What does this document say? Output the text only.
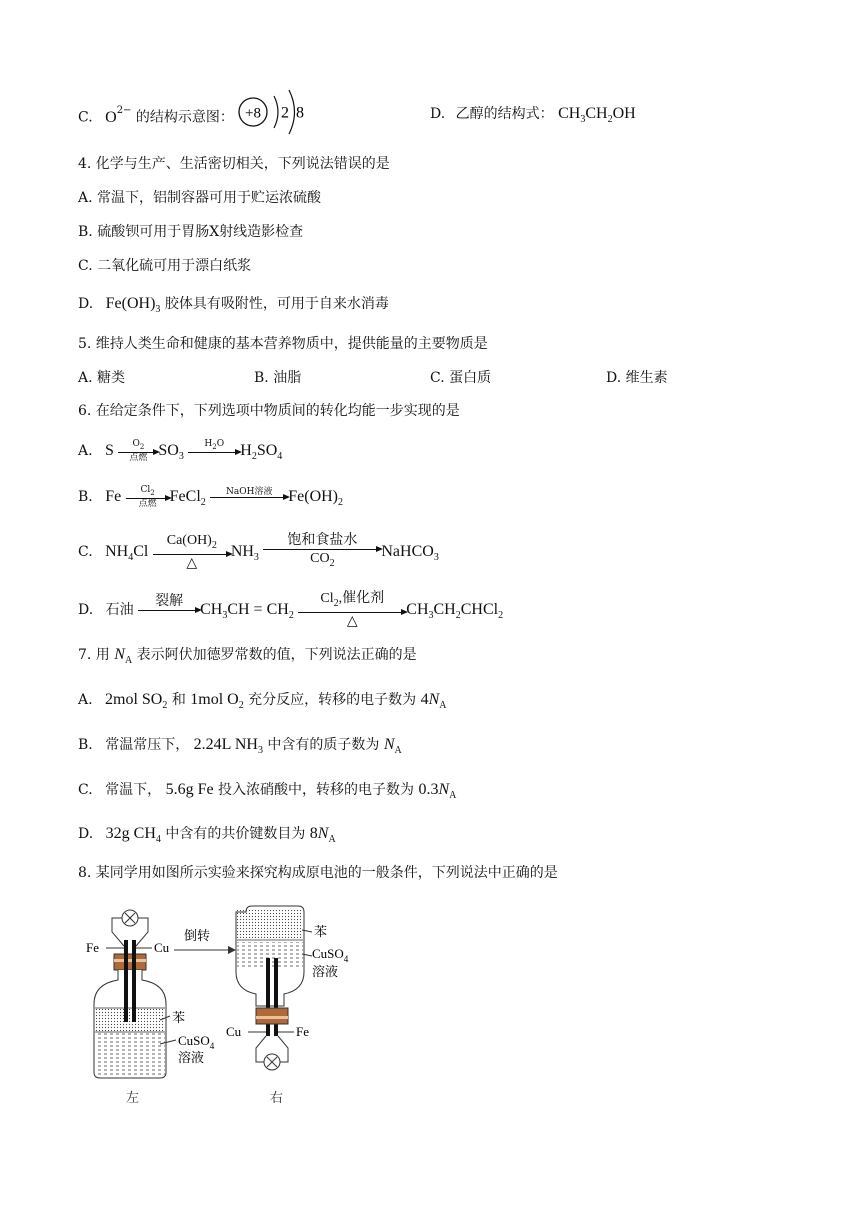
C. $O^{2-}$ 的结构示意图： +8 2 8	D. 乙醇的结构式： $CH_3CH_2OH$
4. 化学与生产、生活密切相关，下列说法错误的是
A. 常温下，铝制容器可用于贮运浓硫酸
B. 硫酸钡可用于胃肠X射线造影检查
C. 二氧化硫可用于漂白纸浆
D. $Fe(OH)_3$ 胶体具有吸附性，可用于自来水消毒
5. 维持人类生命和健康的基本营养物质中，提供能量的主要物质是
A. 糖类	B. 油脂	C. 蛋白质	D. 维生素
6. 在给定条件下，下列选项中物质间的转化均能一步实现的是
A. S	$O_2$
点燃 $SO_3$
$H_2O$
	$H_2SO_4$
B. Fe	$Cl_2$
点燃 FeCl$_2$
NaOH溶液
$Fe(OH)_2$
C. $NH_4Cl$
$Ca(OH)_2$
△
$NH_3$
饱和食盐水
$CO_2$
NaHCO$_3$
D. 石油
裂解

$CH_3CH = CH_2$
$Cl_2$,催化剂
△
$CH_3CH_2CHCl_2$
7. 用 $N_A$ 表示阿伏加德罗常数的值，下列说法正确的是
A. 2mol $SO_2$ 和 1mol $O_2$ 充分反应，转移的电子数为 $4N_A$
B. 常温常压下， 2.24L $NH_3$ 中含有的质子数为 $N_A$
C. 常温下， 5.6g Fe 投入浓硝酸中，转移的电子数为 $0.3N_A$
D. 32g $CH_4$ 中含有的共价键数目为 $8N_A$
8. 某同学用如图所示实验来探究构成原电池的一般条件，下列说法中正确的是
Fe	Cu
苯
CuSO$_4$
溶液
左
倒转	苯
CuSO$_4$
溶液
Cu	Fe
右
